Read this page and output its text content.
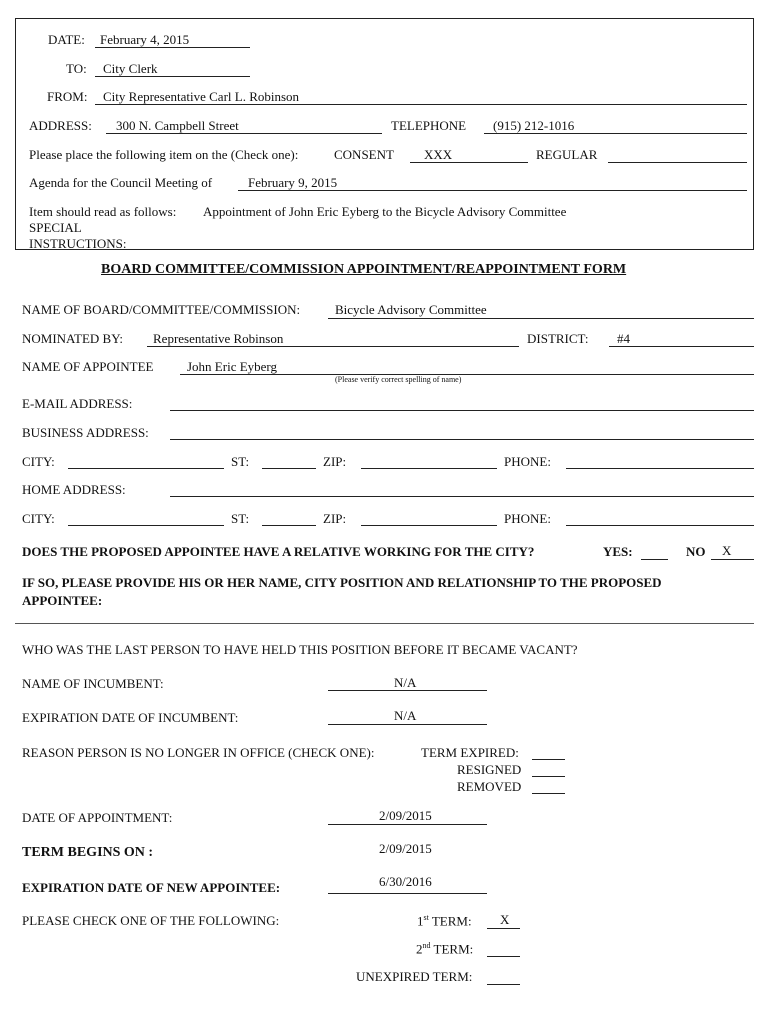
DATE: February 4, 2015
TO: City Clerk
FROM: City Representative Carl L. Robinson
ADDRESS: 300 N. Campbell Street	TELEPHONE (915) 212-1016
Please place the following item on the (Check one):	CONSENT XXX	REGULAR
Agenda for the Council Meeting of	February 9, 2015
Item should read as follows: Appointment of John Eric Eyberg to the Bicycle Advisory Committee
SPECIAL
INSTRUCTIONS:
BOARD COMMITTEE/COMMISSION APPOINTMENT/REAPPOINTMENT FORM
NAME OF BOARD/COMMITTEE/COMMISSION:	Bicycle Advisory Committee
NOMINATED BY: Representative Robinson	DISTRICT: #4
NAME OF APPOINTEE	John Eric Eyberg
(Please verify correct spelling of name)
E-MAIL ADDRESS:
BUSINESS ADDRESS:
CITY:	ST:	ZIP:	PHONE:
HOME ADDRESS:
CITY:	ST:	ZIP:	PHONE:
DOES THE PROPOSED APPOINTEE HAVE A RELATIVE WORKING FOR THE CITY?	YES:	NO X
IF SO, PLEASE PROVIDE HIS OR HER NAME, CITY POSITION AND RELATIONSHIP TO THE PROPOSED
APPOINTEE:
WHO WAS THE LAST PERSON TO HAVE HELD THIS POSITION BEFORE IT BECAME VACANT?
NAME OF INCUMBENT:	N/A
EXPIRATION DATE OF INCUMBENT:	N/A
REASON PERSON IS NO LONGER IN OFFICE (CHECK ONE):	TERM EXPIRED:
RESIGNED
REMOVED
DATE OF APPOINTMENT:	2/09/2015
TERM BEGINS ON :	2/09/2015
EXPIRATION DATE OF NEW APPOINTEE:	6/30/2016
PLEASE CHECK ONE OF THE FOLLOWING:	1st TERM: X
2nd TERM:
UNEXPIRED TERM:
